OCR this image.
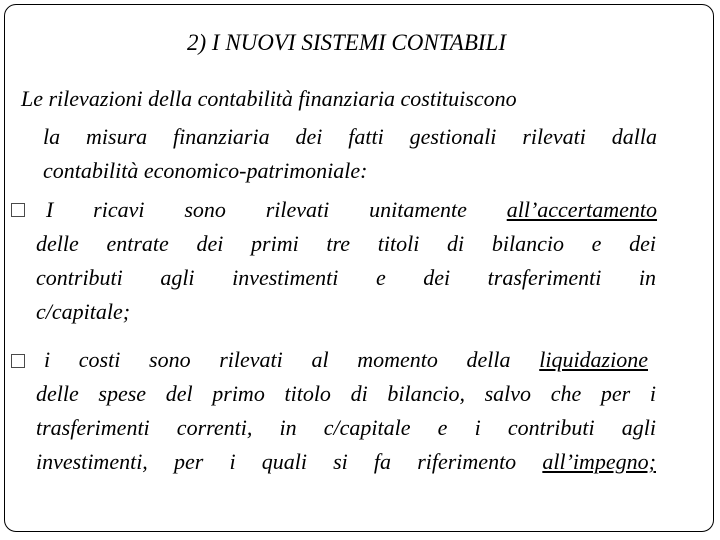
2) I NUOVI SISTEMI CONTABILI
Le rilevazioni della contabilità finanziaria costituiscono
la misura finanziaria dei fatti gestionali rilevati dalla
contabilità economico-patrimoniale:
I ricavi sono rilevati unitamente all’accertamento
delle entrate dei primi tre titoli di bilancio e dei
contributi agli investimenti e dei trasferimenti in
c/capitale;
i costi sono rilevati al momento della liquidazione
delle spese del primo titolo di bilancio, salvo che per i
trasferimenti correnti, in c/capitale e i contributi agli
investimenti, per i quali si fa riferimento all’impegno;
